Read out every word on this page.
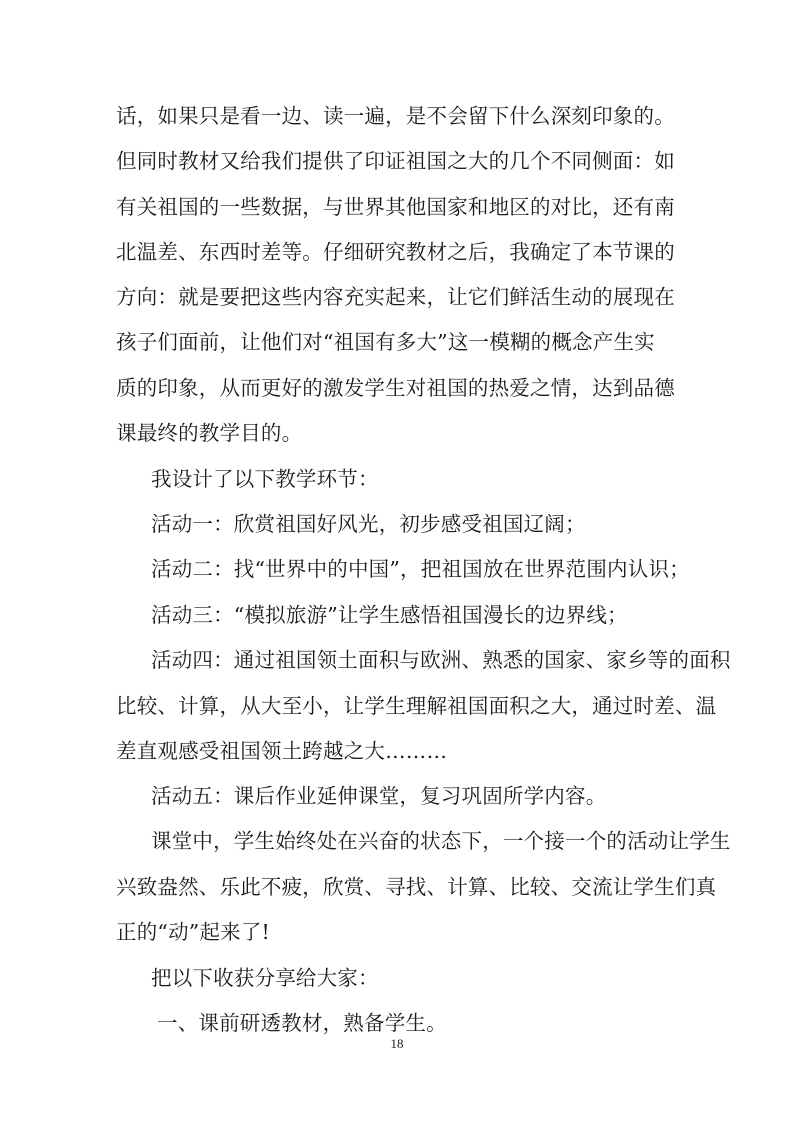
话，如果只是看一边、读一遍，是不会留下什么深刻印象的。
但同时教材又给我们提供了印证祖国之大的几个不同侧面：如
有关祖国的一些数据，与世界其他国家和地区的对比，还有南
北温差、东西时差等。仔细研究教材之后，我确定了本节课的
方向：就是要把这些内容充实起来，让它们鲜活生动的展现在
孩子们面前，让他们对“祖国有多大”这一模糊的概念产生实
质的印象，从而更好的激发学生对祖国的热爱之情，达到品德
课最终的教学目的。
我设计了以下教学环节：
活动一：欣赏祖国好风光，初步感受祖国辽阔；
活动二：找“世界中的中国”，把祖国放在世界范围内认识；
活动三：“模拟旅游”让学生感悟祖国漫长的边界线；
活动四：通过祖国领土面积与欧洲、熟悉的国家、家乡等的面积
比较、计算，从大至小，让学生理解祖国面积之大，通过时差、温
差直观感受祖国领土跨越之大………
活动五：课后作业延伸课堂，复习巩固所学内容。
课堂中，学生始终处在兴奋的状态下，一个接一个的活动让学生
兴致盎然、乐此不疲，欣赏、寻找、计算、比较、交流让学生们真
正的“动”起来了!
把以下收获分享给大家：
一、课前研透教材，熟备学生。
18
